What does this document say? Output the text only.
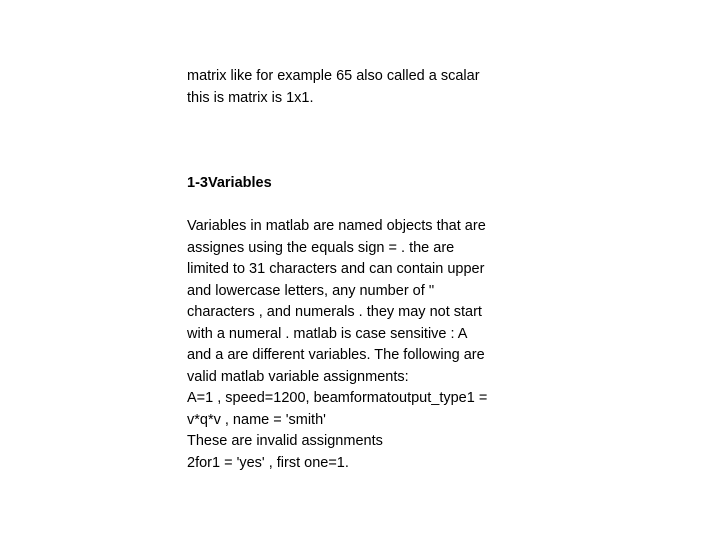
matrix like for example 65 also called a scalar
this is matrix is 1x1.

1-3Variables

Variables in matlab are named objects that are
assignes using the equals sign = . the are
limited to 31 characters and can contain upper
and lowercase letters, any number of ''
characters , and numerals . they may not start
with a numeral . matlab is case sensitive : A
and a are different variables. The following are
valid matlab variable assignments:
A=1 , speed=1200, beamformatoutput_type1 =
v*q*v , name = 'smith'
These are invalid assignments
2for1 = 'yes' , first one=1.
